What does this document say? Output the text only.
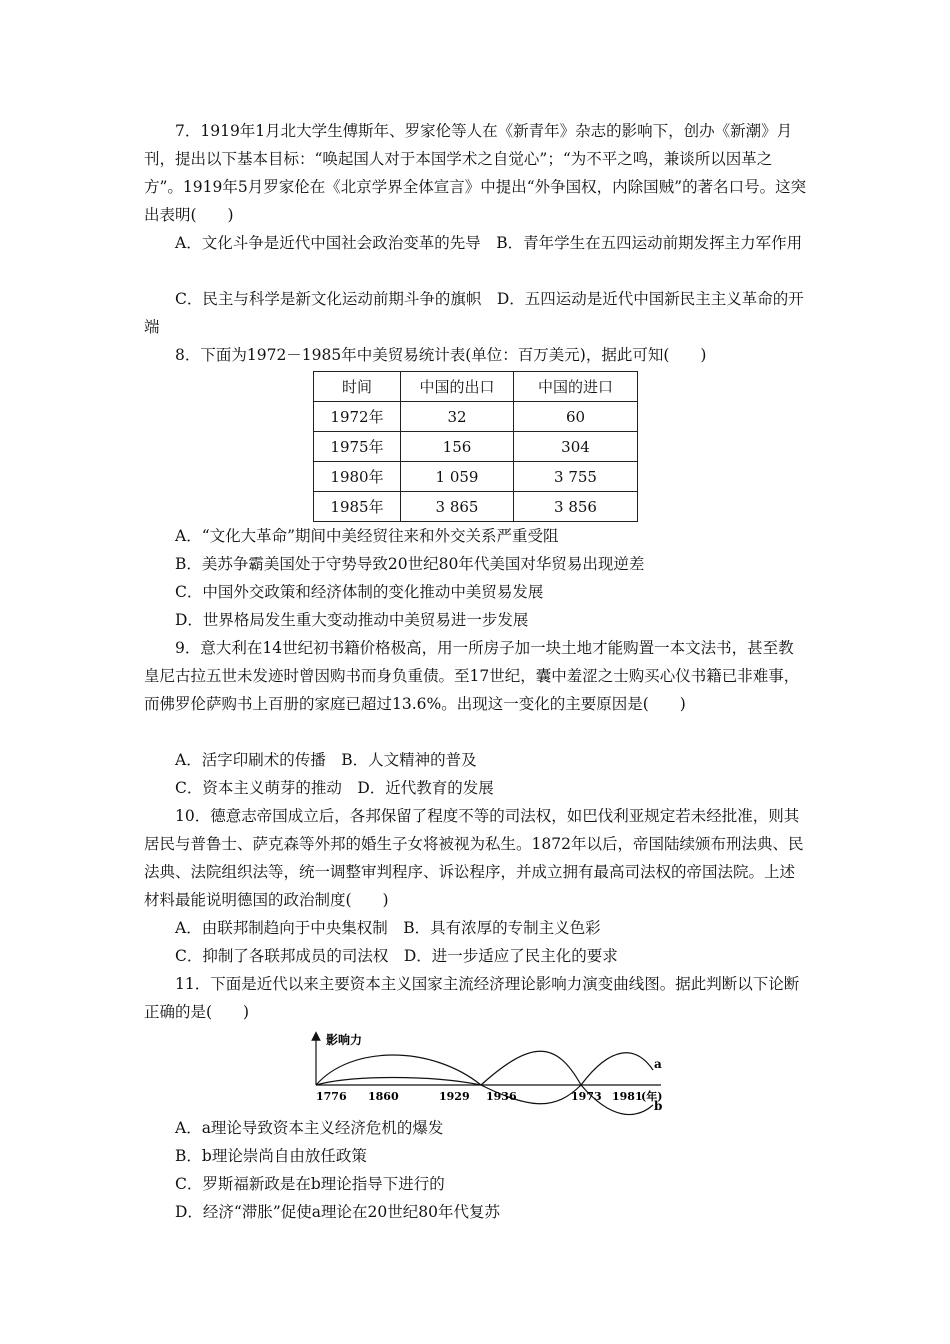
7．1919年1月北大学生傅斯年、罗家伦等人在《新青年》杂志的影响下，创办《新潮》月刊，提出以下基本目标：“唤起国人对于本国学术之自觉心”；“为不平之鸣，兼谈所以因革之方”。1919年5月罗家伦在《北京学界全体宣言》中提出“外争国权，内除国贼”的著名口号。这突出表明(　　)

A．文化斗争是近代中国社会政治变革的先导　B．青年学生在五四运动前期发挥主力军作用

C．民主与科学是新文化运动前期斗争的旗帜　D．五四运动是近代中国新民主主义革命的开端

8．下面为1972－1985年中美贸易统计表(单位：百万美元)，据此可知(　　)

时间	中国的出口	中国的进口
1972年	32	60
1975年	156	304
1980年	1 059	3 755
1985年	3 865	3 856

A．“文化大革命”期间中美经贸往来和外交关系严重受阻

B．美苏争霸美国处于守势导致20世纪80年代美国对华贸易出现逆差

C．中国外交政策和经济体制的变化推动中美贸易发展

D．世界格局发生重大变动推动中美贸易进一步发展

9．意大利在14世纪初书籍价格极高，用一所房子加一块土地才能购置一本文法书，甚至教皇尼古拉五世未发迹时曾因购书而身负重债。至17世纪，囊中羞涩之士购买心仪书籍已非难事，而佛罗伦萨购书上百册的家庭已超过13.6%。出现这一变化的主要原因是(　　)

A．活字印刷术的传播　B．人文精神的普及

C．资本主义萌芽的推动　D．近代教育的发展

10．德意志帝国成立后，各邦保留了程度不等的司法权，如巴伐利亚规定若未经批准，则其居民与普鲁士、萨克森等外邦的婚生子女将被视为私生。1872年以后，帝国陆续颁布刑法典、民法典、法院组织法等，统一调整审判程序、诉讼程序，并成立拥有最高司法权的帝国法院。上述材料最能说明德国的政治制度(　　)

A．由联邦制趋向于中央集权制　B．具有浓厚的专制主义色彩

C．抑制了各联邦成员的司法权　D．进一步适应了民主化的要求

11．下面是近代以来主要资本主义国家主流经济理论影响力演变曲线图。据此判断以下论断正确的是(　　)

影响力
a
b
1776 1860	1929 1936	1973 1981
(年)

A．a理论导致资本主义经济危机的爆发

B．b理论崇尚自由放任政策

C．罗斯福新政是在b理论指导下进行的

D．经济“滞胀”促使a理论在20世纪80年代复苏
